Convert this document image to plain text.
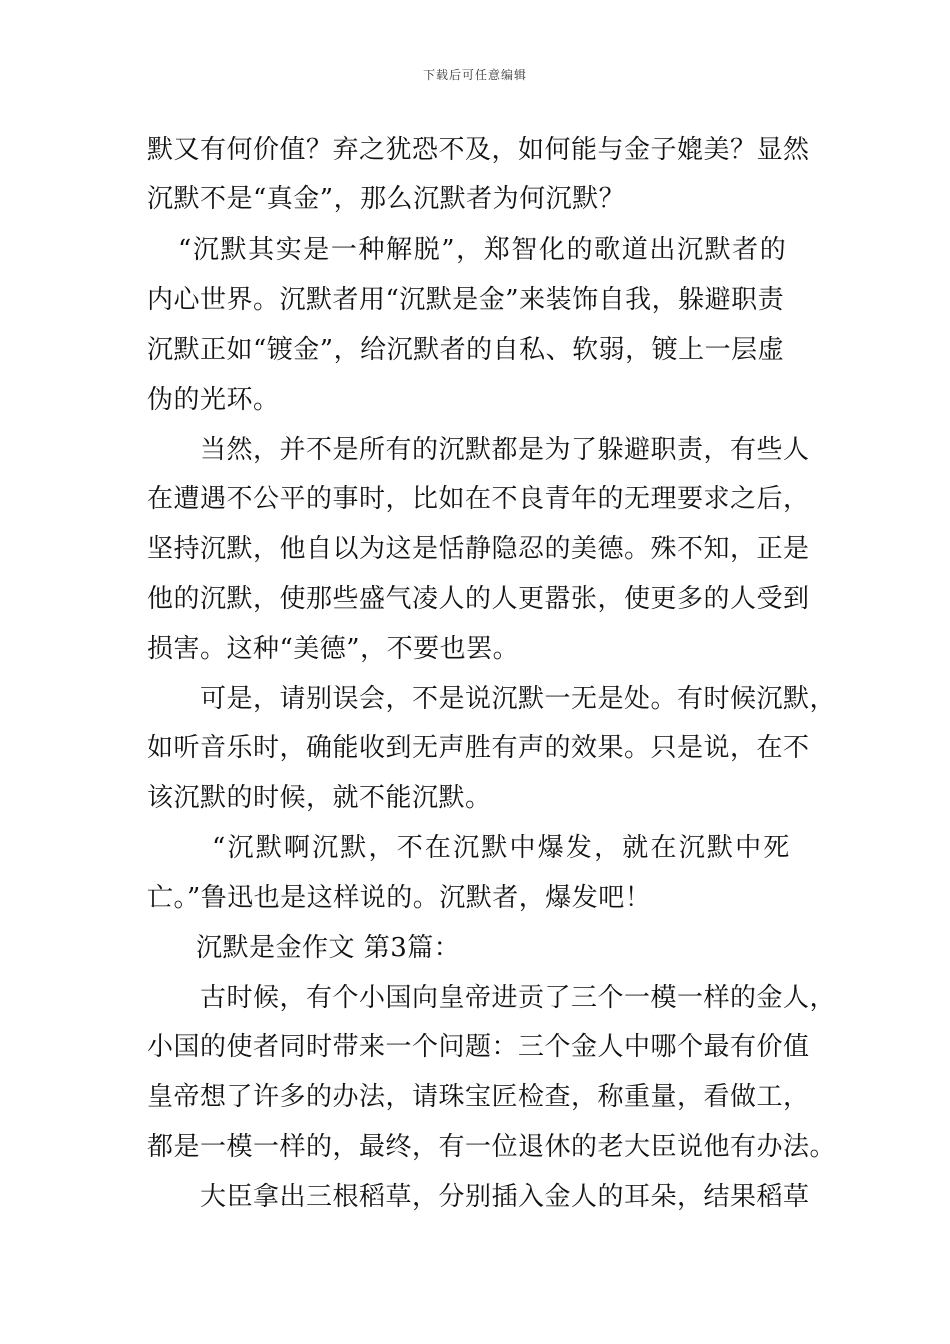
下载后可任意编辑
默又有何价值？弃之犹恐不及，如何能与金子媲美？显然
沉默不是“真金”，那么沉默者为何沉默？
“沉默其实是一种解脱”，郑智化的歌道出沉默者的
内心世界。沉默者用“沉默是金”来装饰自我，躲避职责
沉默正如“镀金”，给沉默者的自私、软弱，镀上一层虚
伪的光环。
当然，并不是所有的沉默都是为了躲避职责，有些人
在遭遇不公平的事时，比如在不良青年的无理要求之后，
坚持沉默，他自以为这是恬静隐忍的美德。殊不知，正是
他的沉默，使那些盛气凌人的人更嚣张，使更多的人受到
损害。这种“美德”，不要也罢。
可是，请别误会，不是说沉默一无是处。有时候沉默，
如听音乐时，确能收到无声胜有声的效果。只是说，在不
该沉默的时候，就不能沉默。
“沉默啊沉默，不在沉默中爆发，就在沉默中死
亡。”鲁迅也是这样说的。沉默者，爆发吧！
沉默是金作文 第3篇：
古时候，有个小国向皇帝进贡了三个一模一样的金人，
小国的使者同时带来一个问题：三个金人中哪个最有价值
皇帝想了许多的办法，请珠宝匠检查，称重量，看做工，
都是一模一样的，最终，有一位退休的老大臣说他有办法。
大臣拿出三根稻草，分别插入金人的耳朵，结果稻草
